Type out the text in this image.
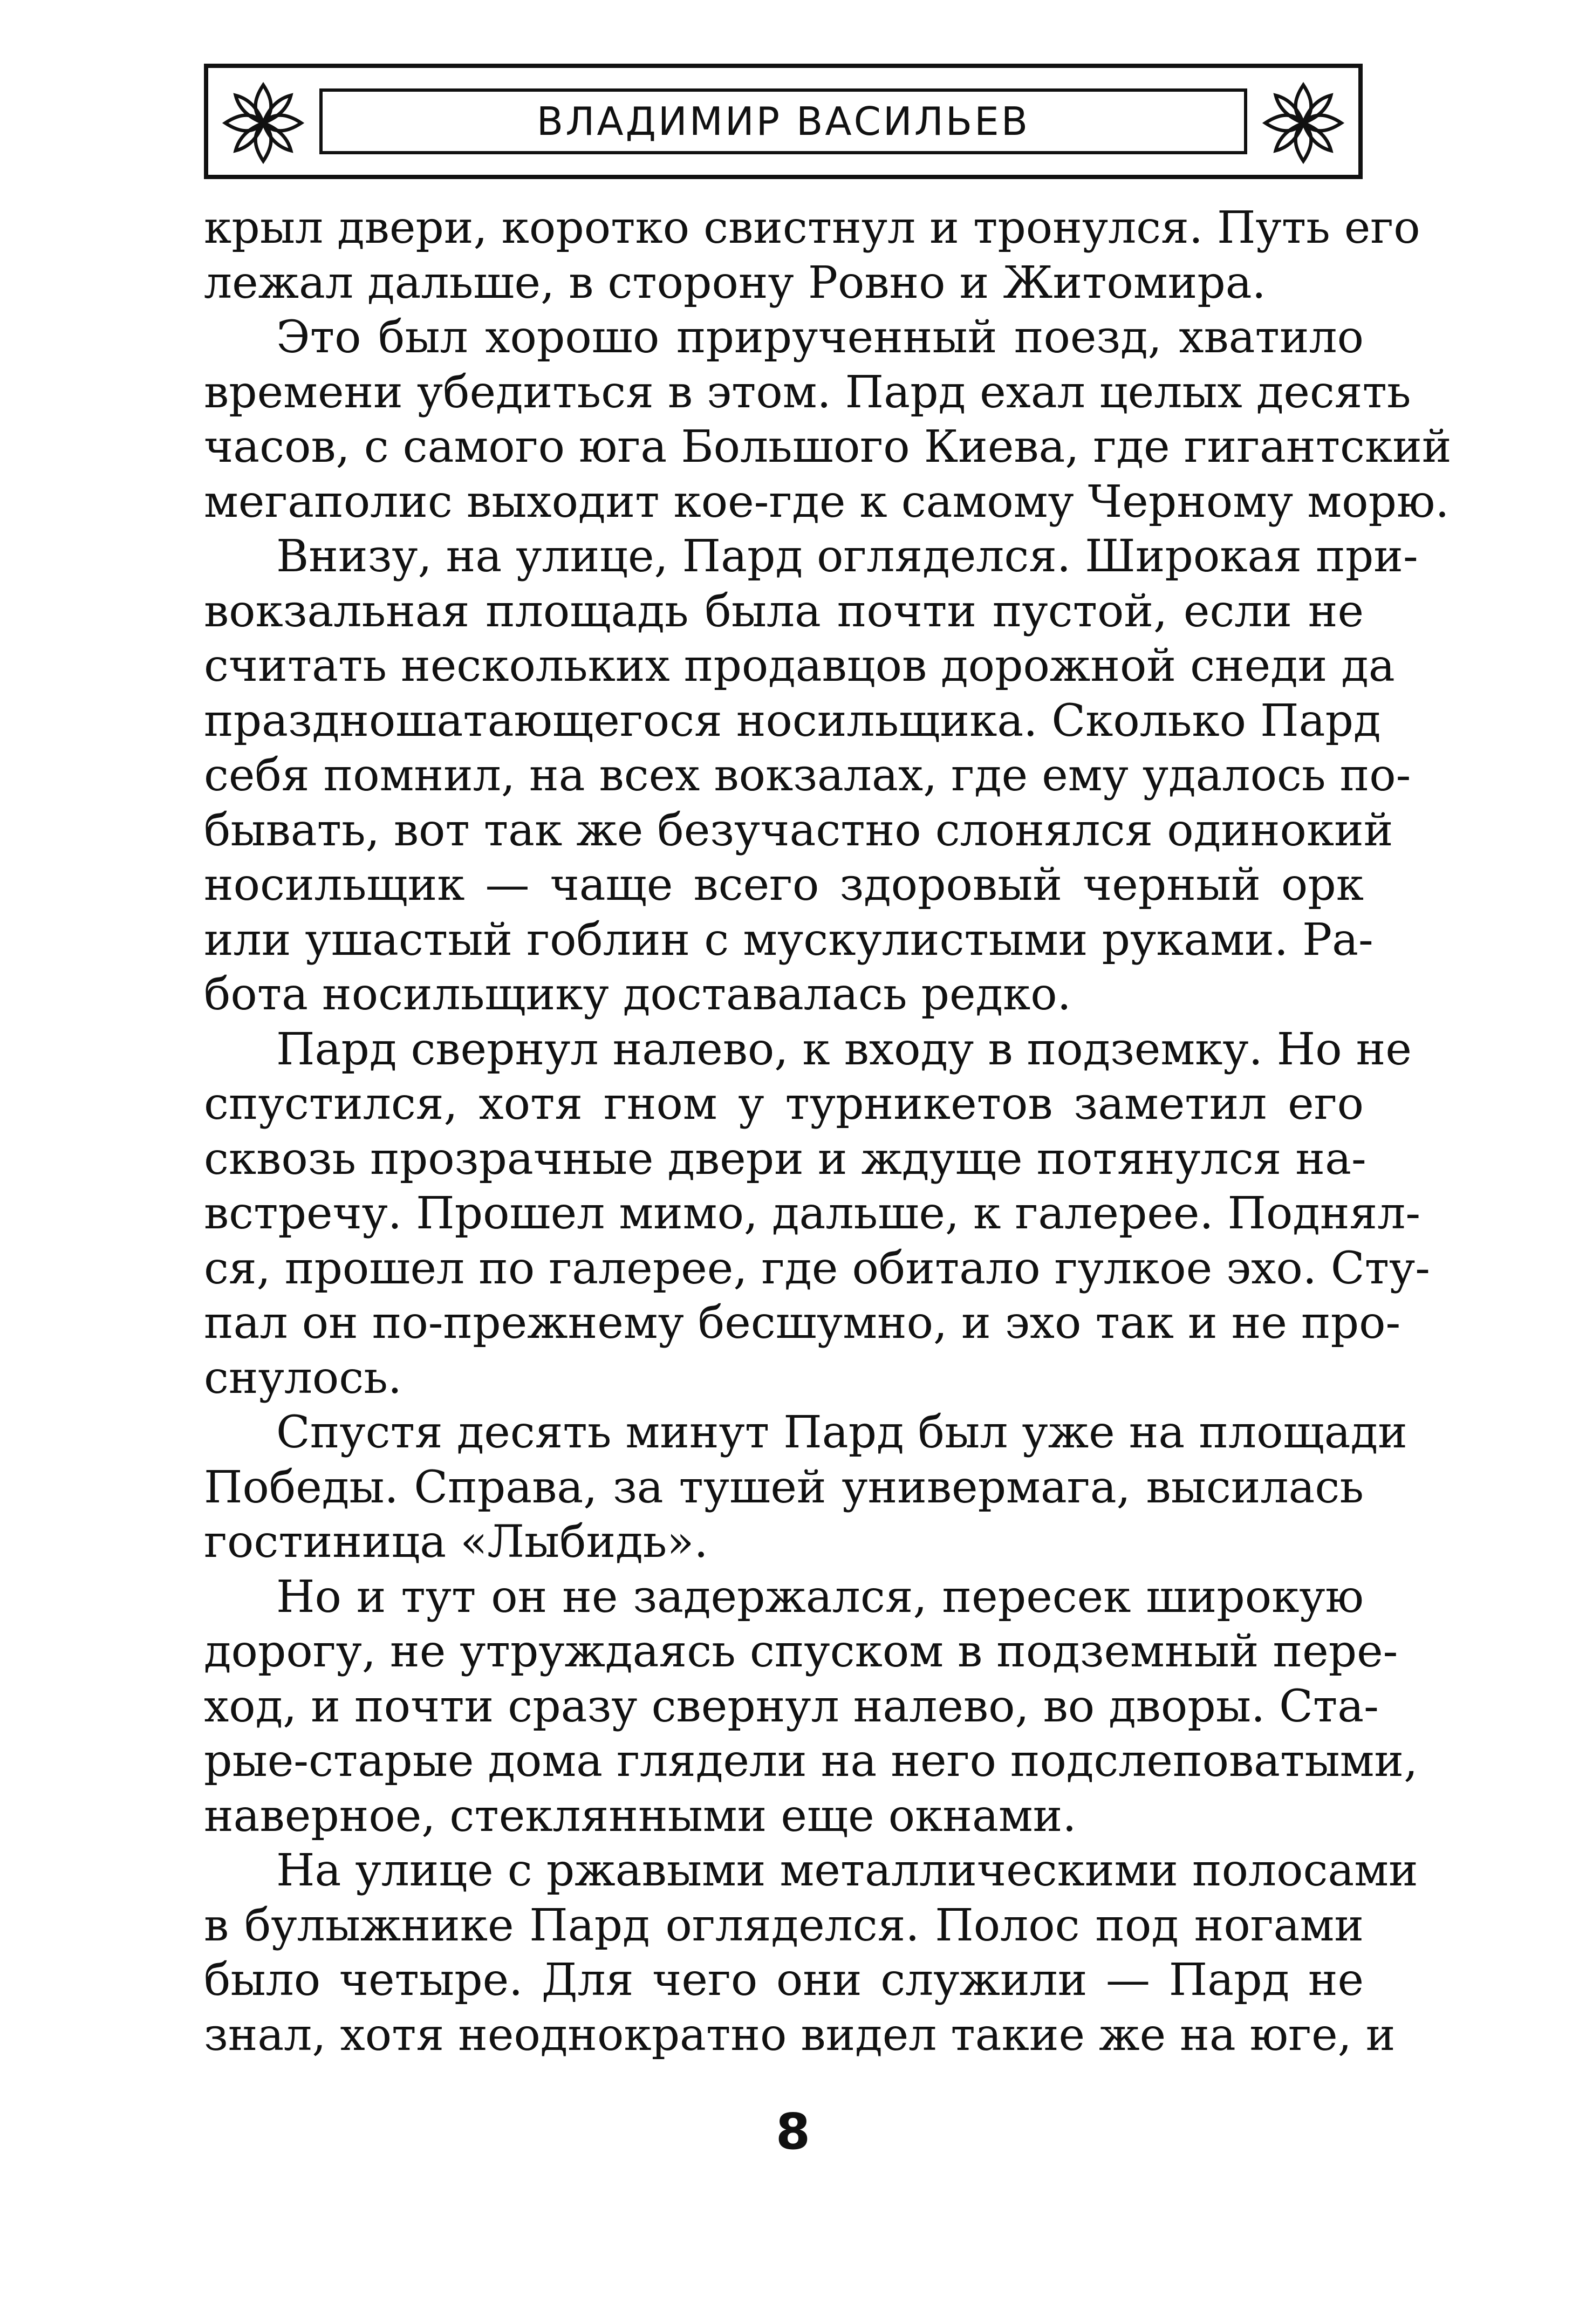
ВЛАДИМИР ВАСИЛЬЕВ
крыл двери, коротко свистнул и тронулся. Путь его
лежал дальше, в сторону Ровно и Житомира.
Это был хорошо прирученный поезд, хватило
времени убедиться в этом. Пард ехал целых десять
часов, с самого юга Большого Киева, где гигантский
мегаполис выходит кое-где к самому Черному морю.
Внизу, на улице, Пард огляделся. Широкая при-
вокзальная площадь была почти пустой, если не
считать нескольких продавцов дорожной снеди да
праздношатающегося носильщика. Сколько Пард
себя помнил, на всех вокзалах, где ему удалось по-
бывать, вот так же безучастно слонялся одинокий
носильщик — чаще всего здоровый черный орк
или ушастый гоблин с мускулистыми руками. Ра-
бота носильщику доставалась редко.
Пард свернул налево, к входу в подземку. Но не
спустился, хотя гном у турникетов заметил его
сквозь прозрачные двери и ждуще потянулся на-
встречу. Прошел мимо, дальше, к галерее. Поднял-
ся, прошел по галерее, где обитало гулкое эхо. Сту-
пал он по-прежнему бесшумно, и эхо так и не про-
снулось.
Спустя десять минут Пард был уже на площади
Победы. Справа, за тушей универмага, высилась
гостиница «Лыбидь».
Но и тут он не задержался, пересек широкую
дорогу, не утруждаясь спуском в подземный пере-
ход, и почти сразу свернул налево, во дворы. Ста-
рые-старые дома глядели на него подслеповатыми,
наверное, стеклянными еще окнами.
На улице с ржавыми металлическими полосами
в булыжнике Пард огляделся. Полос под ногами
было четыре. Для чего они служили — Пард не
знал, хотя неоднократно видел такие же на юге, и
8
